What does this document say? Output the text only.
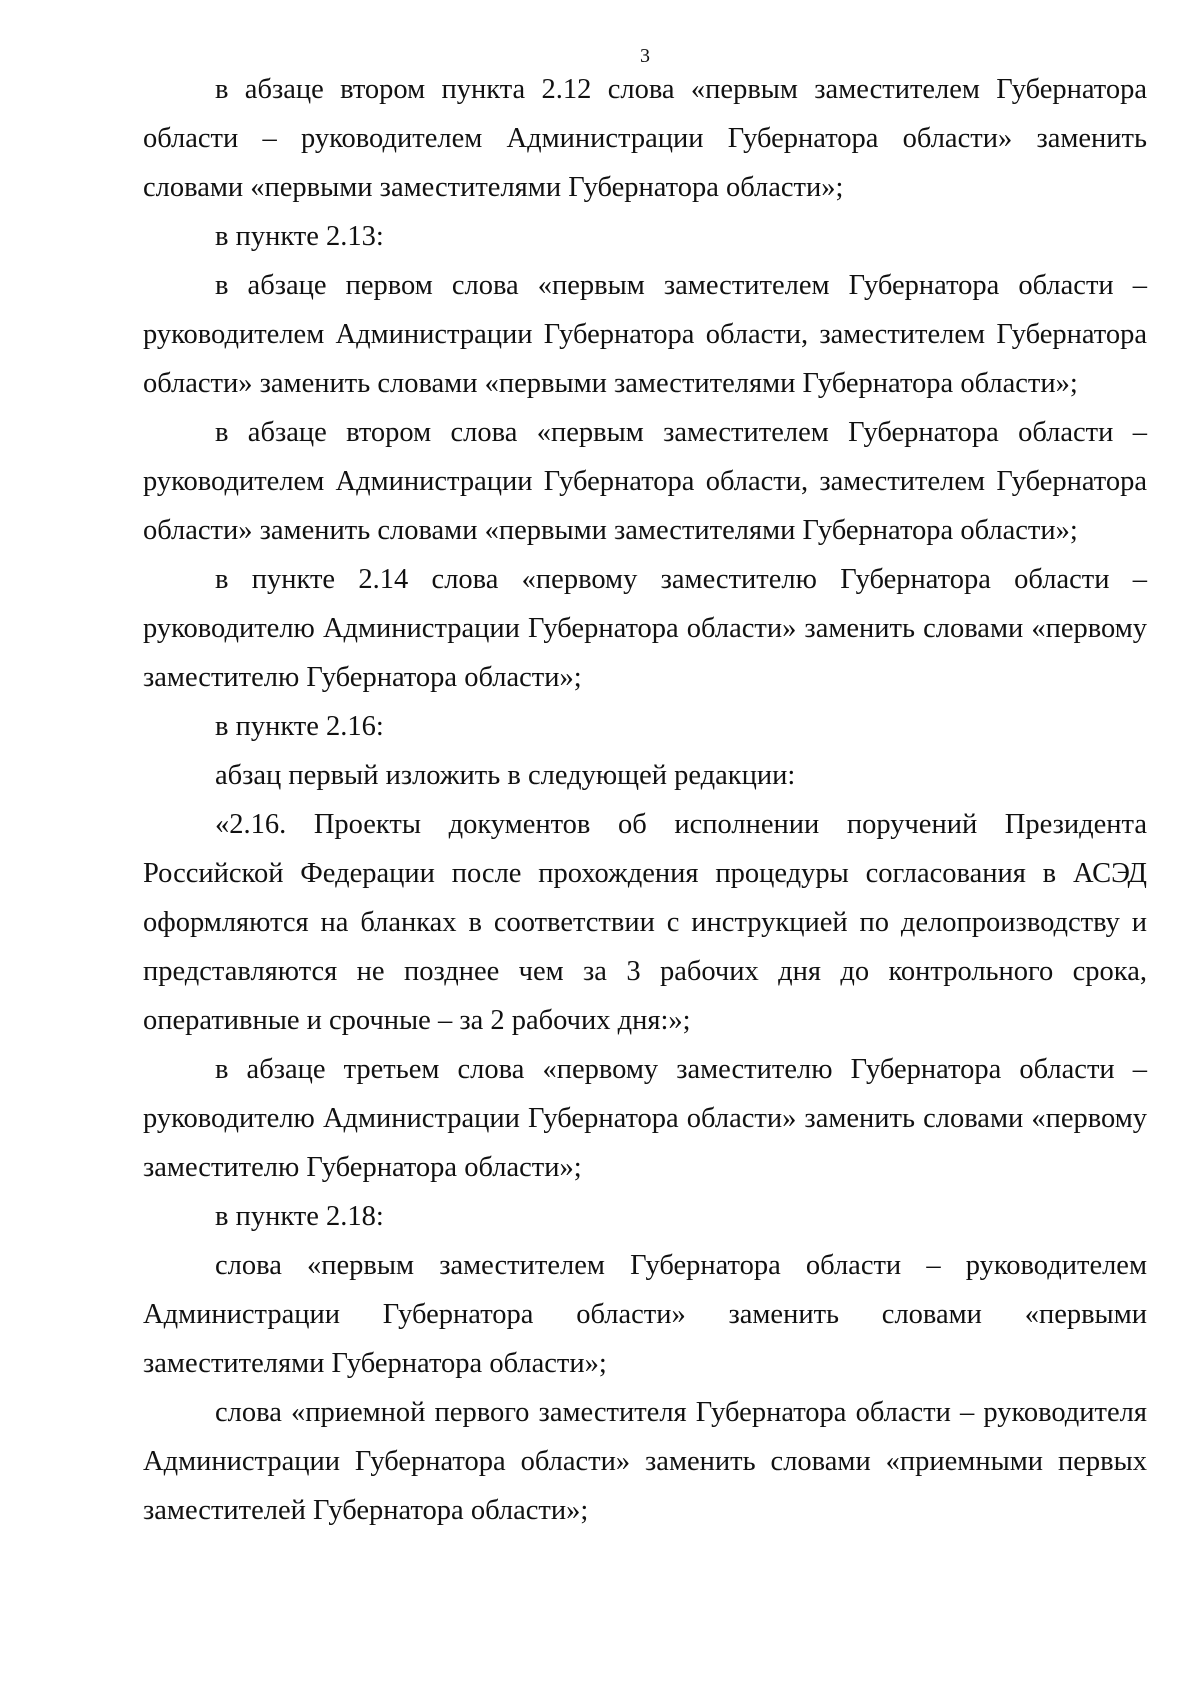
3

в абзаце втором пункта 2.12 слова «первым заместителем Губернатора области – руководителем Администрации Губернатора области» заменить словами «первыми заместителями Губернатора области»;

в пункте 2.13:

в абзаце первом слова «первым заместителем Губернатора области – руководителем Администрации Губернатора области, заместителем Губернатора области» заменить словами «первыми заместителями Губернатора области»;

в абзаце втором слова «первым заместителем Губернатора области – руководителем Администрации Губернатора области, заместителем Губернатора области» заменить словами «первыми заместителями Губернатора области»;

в пункте 2.14 слова «первому заместителю Губернатора области – руководителю Администрации Губернатора области» заменить словами «первому заместителю Губернатора области»;

в пункте 2.16:

абзац первый изложить в следующей редакции:

«2.16. Проекты документов об исполнении поручений Президента Российской Федерации после прохождения процедуры согласования в АСЭД оформляются на бланках в соответствии с инструкцией по делопроизводству и представляются не позднее чем за 3 рабочих дня до контрольного срока, оперативные и срочные – за 2 рабочих дня:»;

в абзаце третьем слова «первому заместителю Губернатора области – руководителю Администрации Губернатора области» заменить словами «первому заместителю Губернатора области»;

в пункте 2.18:

слова «первым заместителем Губернатора области – руководителем Администрации Губернатора области» заменить словами «первыми заместителями Губернатора области»;

слова «приемной первого заместителя Губернатора области – руководителя Администрации Губернатора области» заменить словами «приемными первых заместителей Губернатора области»;
